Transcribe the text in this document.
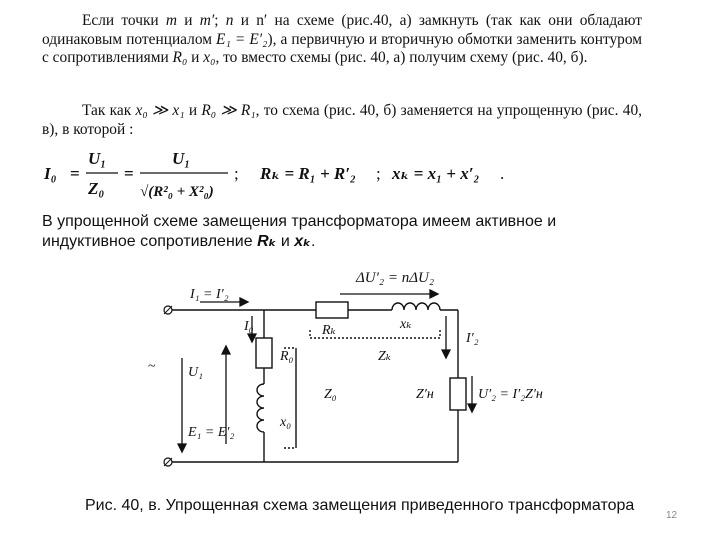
Если точки m и m′; n и n′ на схеме (рис.40, а) замкнуть (так как они обладают одинаковым потенциалом E₁ = E′₂), а первичную и вторичную обмотки заменить контуром с сопротивлениями R₀ и x₀, то вместо схемы (рис. 40, а) получим схему (рис. 40, б).
Так как x₀ ≫ x₁ и R₀ ≫ R₁, то схема (рис. 40, б) заменяется на упрощенную (рис. 40, в), в которой :
I₀ =
U₁
Z₀
=
U₁
√(R²₀ + X²₀)
; Rₖ = R₁ + R′₂ ; xₖ = x₁ + x′₂ .
В упрощенной схеме замещения трансформатора имеем активное и индуктивное сопротивление Rₖ и xₖ.
ΔU′₂ = nΔU₂
I₁ = I′₂
I₀	Rₖ	xₖ
I′₂
Zₖ
R₀
Z₀
x₀
U₁
E₁ = E′₂
~
Z′н	U′₂ = I′₂Z′н
Рис. 40, в. Упрощенная схема замещения приведенного трансформатора
12
